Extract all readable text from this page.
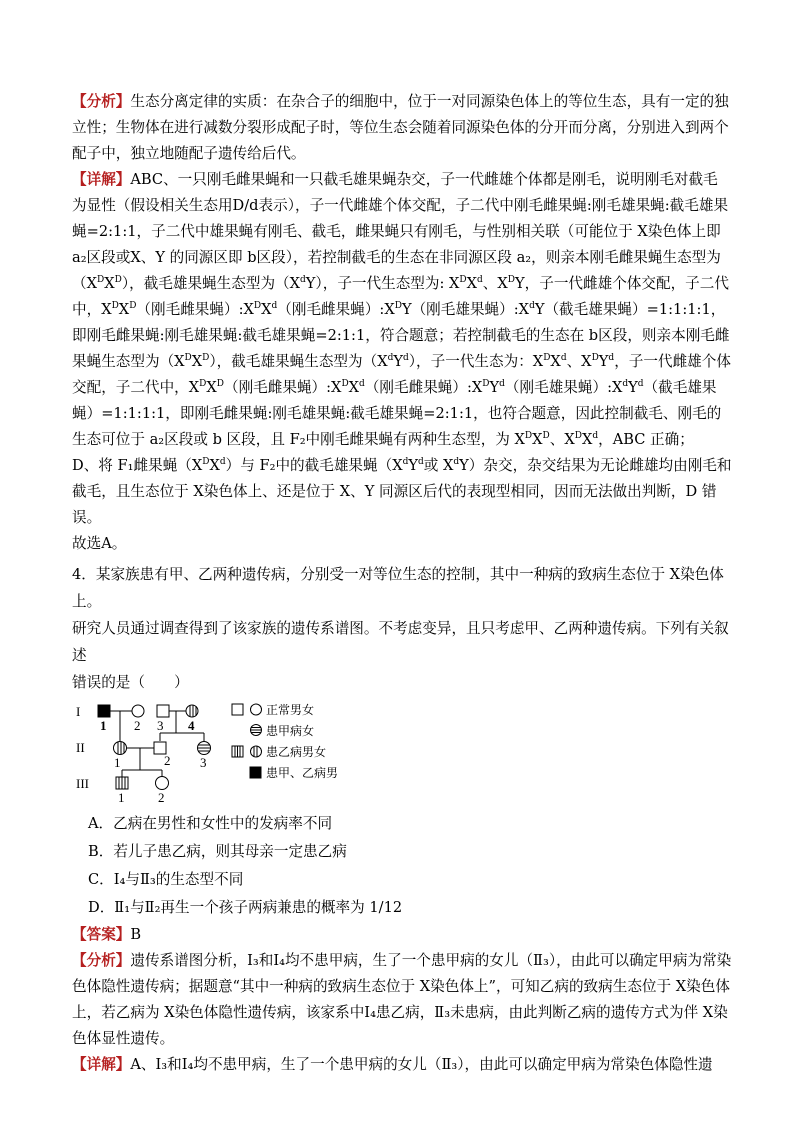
【分析】生态分离定律的实质：在杂合子的细胞中，位于一对同源染色体上的等位生态，具有一定的独立性；生物体在进行减数分裂形成配子时，等位生态会随着同源染色体的分开而分离，分别进入到两个配子中，独立地随配子遗传给后代。

【详解】ABC、一只刚毛雌果蝇和一只截毛雄果蝇杂交，子一代雌雄个体都是刚毛，说明刚毛对截毛为显性（假设相关生态用D/d表示），子一代雌雄个体交配，子二代中刚毛雌果蝇:刚毛雄果蝇:截毛雄果蝇=2:1:1，子二代中雄果蝇有刚毛、截毛，雌果蝇只有刚毛，与性别相关联（可能位于 X染色体上即 a₂区段或X、Y 的同源区即 b区段），若控制截毛的生态在非同源区段 a₂，则亲本刚毛雌果蝇生态型为$(X^DX^D)$，截毛雄果蝇生态型为$(X^dY)$，子一代生态型为: $X^DX^d$、$X^DY$，子一代雌雄个体交配，子二代中，$X^DX^D$（刚毛雌果蝇）$:X^DX^d$（刚毛雌果蝇）$:X^DY$（刚毛雄果蝇）$:X^dY$（截毛雄果蝇）=1:1:1:1，即刚毛雌果蝇:刚毛雄果蝇:截毛雄果蝇=2:1:1，符合题意；若控制截毛的生态在 b区段，则亲本刚毛雌果蝇生态型为$(X^DX^D)$，截毛雄果蝇生态型为$(X^dY^d)$，子一代生态为：$X^DX^d$、$X^DY^d$，子一代雌雄个体交配，子二代中，$X^DX^D$（刚毛雌果蝇）$:X^DX^d$（刚毛雌果蝇）$:X^DY^d$（刚毛雄果蝇）$:X^dY^d$（截毛雄果蝇）=1:1:1:1，即刚毛雌果蝇:刚毛雄果蝇:截毛雄果蝇=2:1:1，也符合题意，因此控制截毛、刚毛的生态可位于 a₂区段或 b 区段，且 F₂中刚毛雌果蝇有两种生态型，为 $X^DX^D$、$X^DX^d$，ABC 正确；

D、将 F₁雌果蝇$(X^DX^d)$与 F₂中的截毛雄果蝇（$X^dY^d$或 $X^dY$）杂交，杂交结果为无论雌雄均由刚毛和截毛，且生态位于 X染色体上、还是位于 X、Y 同源区后代的表现型相同，因而无法做出判断，D 错误。

故选A。

4．某家族患有甲、乙两种遗传病，分别受一对等位生态的控制，其中一种病的致病生态位于 X染色体上。

研究人员通过调查得到了该家族的遗传系谱图。不考虑变异，且只考虑甲、乙两种遗传病。下列有关叙述

错误的是（　　）

I
II
III
1 2 3 4
1	2 3
1	2
正常男女
患甲病女
患乙病男女
患甲、乙病男

A．乙病在男性和女性中的发病率不同

B．若儿子患乙病，则其母亲一定患乙病

C．I₄与Ⅱ₃的生态型不同

D．Ⅱ₁与Ⅱ₂再生一个孩子两病兼患的概率为 1/12

【答案】B

【分析】遗传系谱图分析，Ⅰ₃和Ⅰ₄均不患甲病，生了一个患甲病的女儿（Ⅱ₃），由此可以确定甲病为常染色体隐性遗传病；据题意“其中一种病的致病生态位于 X染色体上”，可知乙病的致病生态位于 X染色体上，若乙病为 X染色体隐性遗传病，该家系中Ⅰ₄患乙病，Ⅱ₃未患病，由此判断乙病的遗传方式为伴 X染色体显性遗传。

【详解】A、Ⅰ₃和Ⅰ₄均不患甲病，生了一个患甲病的女儿（Ⅱ₃），由此可以确定甲病为常染色体隐性遗
